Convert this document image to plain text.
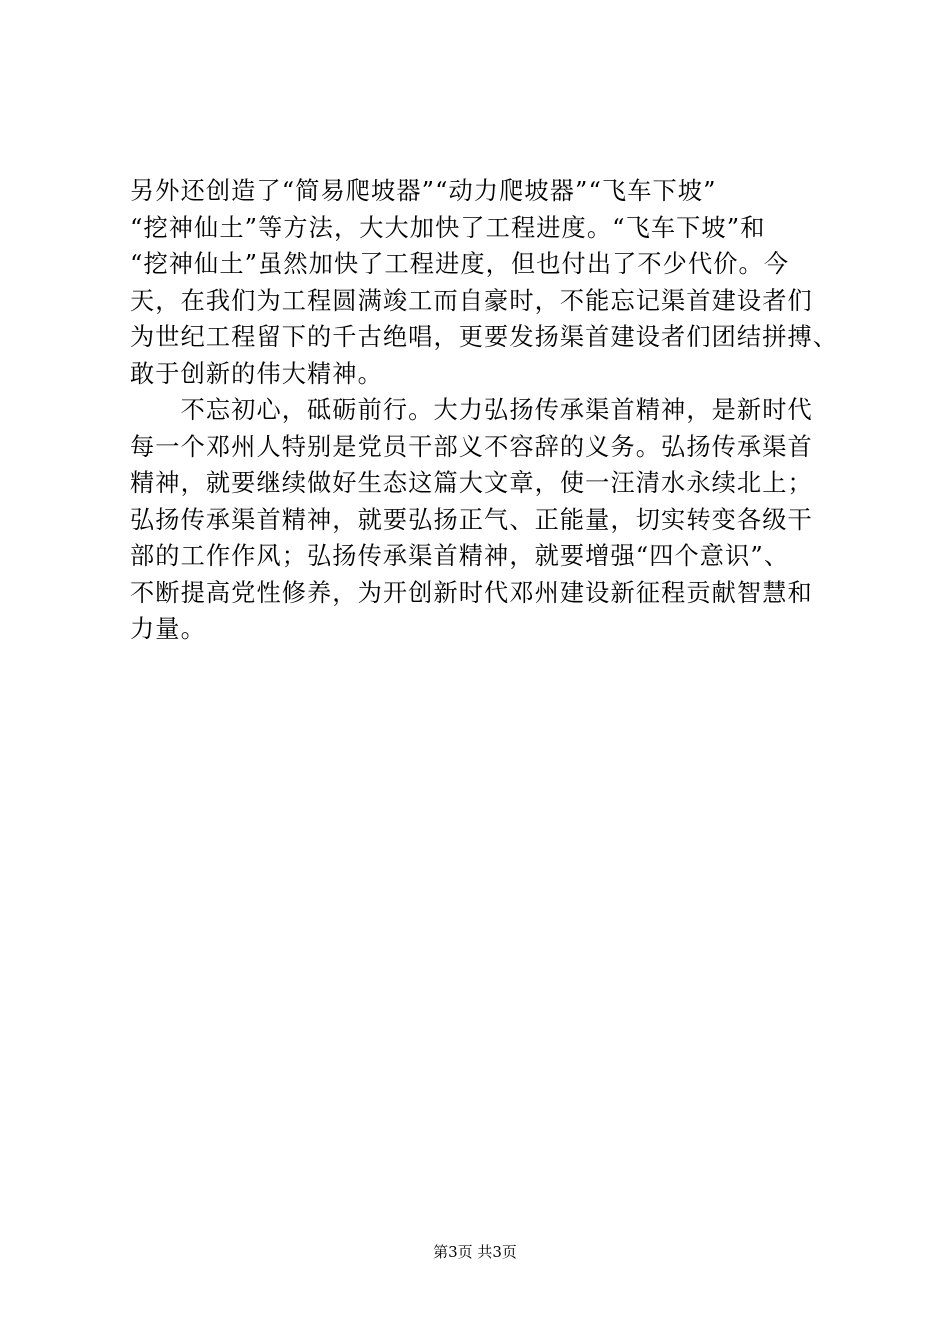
另外还创造了“简易爬坡器”“动力爬坡器”“飞车下坡”
“挖神仙土”等方法，大大加快了工程进度。“飞车下坡”和
“挖神仙土”虽然加快了工程进度，但也付出了不少代价。今
天，在我们为工程圆满竣工而自豪时，不能忘记渠首建设者们
为世纪工程留下的千古绝唱，更要发扬渠首建设者们团结拼搏、
敢于创新的伟大精神。
　　不忘初心，砥砺前行。大力弘扬传承渠首精神，是新时代
每一个邓州人特别是党员干部义不容辞的义务。弘扬传承渠首
精神，就要继续做好生态这篇大文章，使一汪清水永续北上；
弘扬传承渠首精神，就要弘扬正气、正能量，切实转变各级干
部的工作作风；弘扬传承渠首精神，就要增强“四个意识”、
不断提高党性修养，为开创新时代邓州建设新征程贡献智慧和
力量。
第3页 共3页
